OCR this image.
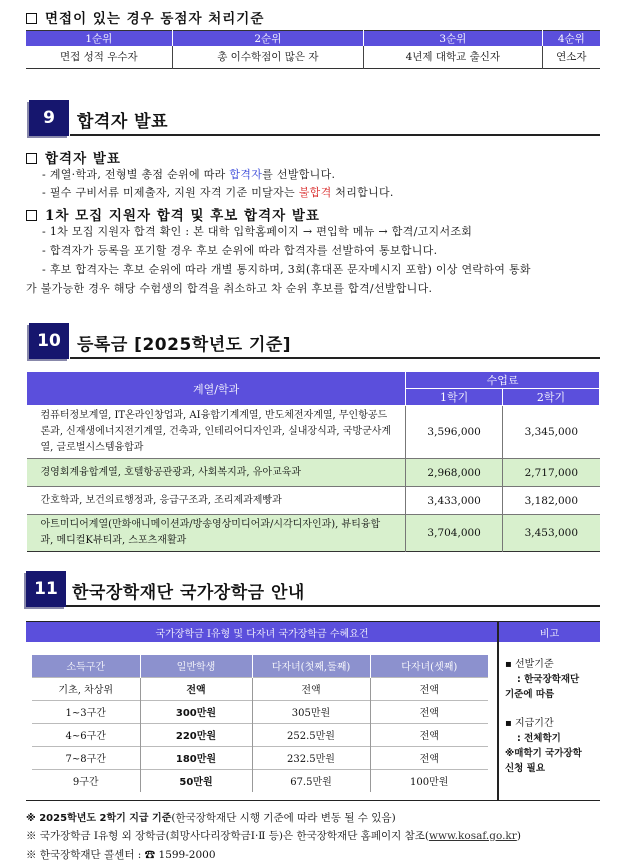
면접이 있는 경우 동점자 처리기준
1순위	2순위	3순위	4순위
면접 성적 우수자	총 이수학점이 많은 자	4년제 대학교 출신자	연소자
9	합격자 발표
합격자 발표
- 계열·학과, 전형별 총점 순위에 따라 합격자를 선발합니다.
- 필수 구비서류 미제출자, 지원 자격 기준 미달자는 불합격 처리합니다.
1차 모집 지원자 합격 및 후보 합격자 발표
- 1차 모집 지원자 합격 확인 : 본 대학 입학홈페이지 → 편입학 메뉴 → 합격/고지서조회
- 합격자가 등록을 포기할 경우 후보 순위에 따라 합격자를 선발하여 통보합니다.
- 후보 합격자는 후보 순위에 따라 개별 통지하며, 3회(휴대폰 문자메시지 포함) 이상 연락하여 통화
가 불가능한 경우 해당 수험생의 합격을 취소하고 차 순위 후보를 합격/선발합니다.
10 등록금 [2025학년도 기준]
계열/학과	수업료	
	1학기	2학기
컴퓨터정보계열, IT온라인창업과, AI융합기계계열, 반도체전자계열, 무인항공드론과, 신재생에너지전기계열, 건축과, 인테리어디자인과, 실내장식과, 국방군사계열, 글로벌시스템융합과	3,596,000	3,345,000
경영회계융합계열, 호텔항공관광과, 사회복지과, 유아교육과	2,968,000	2,717,000
간호학과, 보건의료행정과, 응급구조과, 조리제과제빵과	3,433,000	3,182,000
아트미디어계열(만화애니메이션과/방송영상미디어과/시각디자인과), 뷰티융합과, 메디컬K뷰티과, 스포츠재활과	3,704,000	3,453,000
11 한국장학재단 국가장학금 안내
국가장학금 Ⅰ유형 및 다자녀 국가장학금 수혜요건	비고
소득구간	일반학생	다자녀(첫째,둘째)	다자녀(셋째)
기초, 차상위	전액	전액	전액
1~3구간	300만원	305만원	전액
4~6구간	220만원	252.5만원	전액
7~8구간	180만원	232.5만원	전액
9구간	50만원	67.5만원	100만원
▪ 선발기준
: 한국장학재단
기준에 따름
▪ 지급기간
: 전체학기
※매학기 국가장학
신청 필요
※ 2025학년도 2학기 지급 기준(한국장학재단 시행 기준에 따라 변동 될 수 있음)
※ 국가장학금 Ⅰ유형 외 장학금(희망사다리장학금Ⅰ·Ⅱ 등)은 한국장학재단 홈페이지 참조(www.kosaf.go.kr)
※ 한국장학재단 콜센터 : ☎ 1599-2000
